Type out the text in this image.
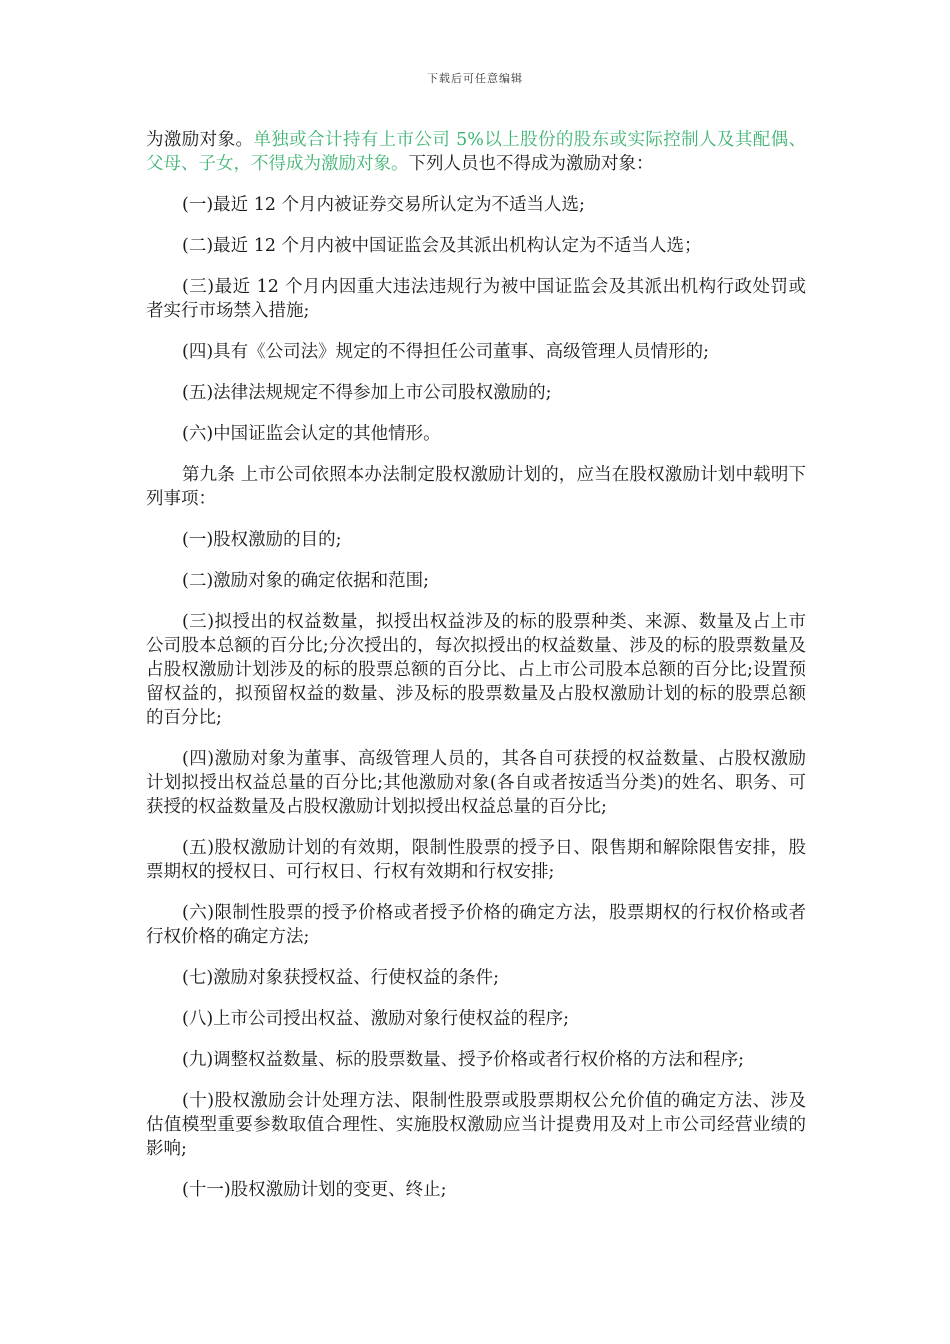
下载后可任意编辑

为激励对象。单独或合计持有上市公司 5%以上股份的股东或实际控制人及其配偶、父母、子女，不得成为激励对象。下列人员也不得成为激励对象：

(一)最近 12 个月内被证券交易所认定为不适当人选;

(二)最近 12 个月内被中国证监会及其派出机构认定为不适当人选；

(三)最近 12 个月内因重大违法违规行为被中国证监会及其派出机构行政处罚或者实行市场禁入措施;

(四)具有《公司法》规定的不得担任公司董事、高级管理人员情形的;

(五)法律法规规定不得参加上市公司股权激励的;

(六)中国证监会认定的其他情形。

第九条 上市公司依照本办法制定股权激励计划的，应当在股权激励计划中载明下列事项：

(一)股权激励的目的;

(二)激励对象的确定依据和范围;

(三)拟授出的权益数量，拟授出权益涉及的标的股票种类、来源、数量及占上市公司股本总额的百分比;分次授出的，每次拟授出的权益数量、涉及的标的股票数量及占股权激励计划涉及的标的股票总额的百分比、占上市公司股本总额的百分比;设置预留权益的，拟预留权益的数量、涉及标的股票数量及占股权激励计划的标的股票总额的百分比;

(四)激励对象为董事、高级管理人员的，其各自可获授的权益数量、占股权激励计划拟授出权益总量的百分比;其他激励对象(各自或者按适当分类)的姓名、职务、可获授的权益数量及占股权激励计划拟授出权益总量的百分比;

(五)股权激励计划的有效期，限制性股票的授予日、限售期和解除限售安排，股票期权的授权日、可行权日、行权有效期和行权安排;

(六)限制性股票的授予价格或者授予价格的确定方法，股票期权的行权价格或者行权价格的确定方法;

(七)激励对象获授权益、行使权益的条件;

(八)上市公司授出权益、激励对象行使权益的程序;

(九)调整权益数量、标的股票数量、授予价格或者行权价格的方法和程序;

(十)股权激励会计处理方法、限制性股票或股票期权公允价值的确定方法、涉及估值模型重要参数取值合理性、实施股权激励应当计提费用及对上市公司经营业绩的影响;

(十一)股权激励计划的变更、终止;
